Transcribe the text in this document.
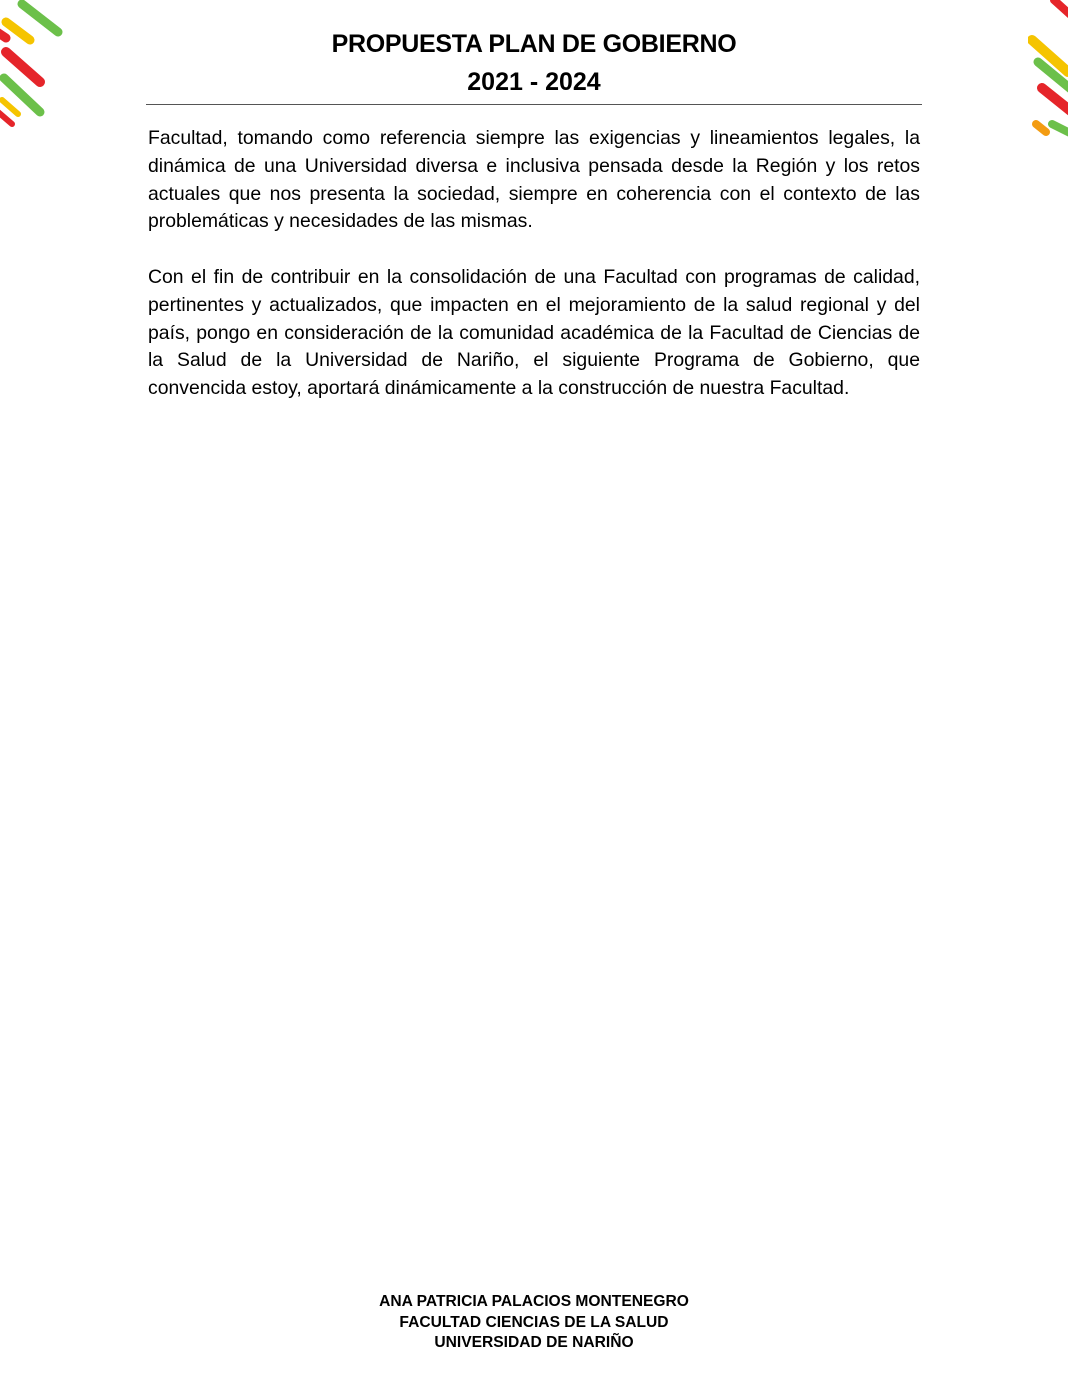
PROPUESTA PLAN DE GOBIERNO
2021 - 2024

Facultad, tomando como referencia siempre las exigencias y lineamientos legales, la dinámica de una Universidad diversa e inclusiva pensada desde la Región y los retos actuales que nos presenta la sociedad, siempre en coherencia con el contexto de las problemáticas y necesidades de las mismas.

Con el fin de contribuir en la consolidación de una Facultad con programas de calidad, pertinentes y actualizados, que impacten en el mejoramiento de la salud regional y del país, pongo en consideración de la comunidad académica de la Facultad de Ciencias de la Salud de la Universidad de Nariño, el siguiente Programa de Gobierno, que convencida estoy, aportará dinámicamente a la construcción de nuestra Facultad.

ANA PATRICIA PALACIOS MONTENEGRO
FACULTAD CIENCIAS DE LA SALUD
UNIVERSIDAD DE NARIÑO
